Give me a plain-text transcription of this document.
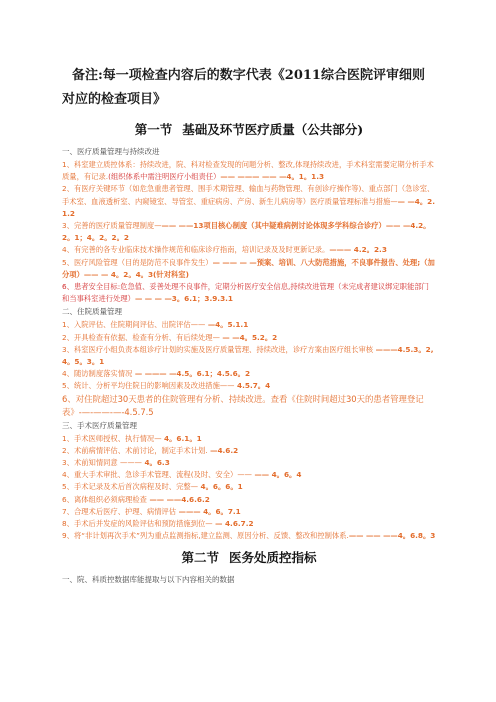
备注:每一项检查内容后的数字代表《2011综合医院评审细则对应的检查项目》
第一节 基础及环节医疗质量（公共部分)
一、医疗质量管理与持续改进

1、科室建立质控体系：持续改进，院、科对检查发现的问题分析、整改,体现持续改进，手术科室需要定期分析手术质量，有记录.(组织体系中需注明医疗小组责任）—— ——— —— —4。1。1.3

2、有医疗关键环节（如危急重患者管理、围手术期管理、输血与药物管理、有创诊疗操作等)、重点部门（急诊室、手术室、血液透析室、内窥镜室、导管室、重症病房、产房、新生儿病房等）医疗质量管理标准与措施—— —4。2.1.2

3、完善的医疗质量管理制度——— ——13项目核心制度（其中疑难病例讨论体现多学科综合诊疗）—— —4.2。2。1；4。2。2。2

4、有完善的各专业临床技术操作规范和临床诊疗指南，培训记录及及时更新记录。——— 4.2。2.3

5、医疗风险管理（目的是防范不良事件发生）— —— — —预案、培训、八大防范措施，不良事件报告、处理;（加分项）—— — 4。2。4。3(针对科室)

6、患者安全目标:危急值、妥善处理不良事件，定期分析医疗安全信息,持续改进管理（未完成者建议绑定职能部门和当事科室进行处理）— — — —3。6.1；3.9.3.1

二、住院质量管理

1、入院评估、住院期间评估、出院评估—— —4。5.1.1

2、开具检查有依据、检查有分析、有后续处理— — —4。5.2。2

3、科室医疗小组负责本组诊疗计划的实施及医疗质量管理、持续改进，诊疗方案由医疗组长审核 ———4.5.3。2,4。5。3。1

4、随访制度落实情况 — ——— —4.5。6.1；4.5.6。2

5、统计、分析平均住院日的影响因素及改进措施—— 4.5.7。4

6、对住院超过30天患者的住院管理有分析、持续改进。查看《住院时间超过30天的患者管理登记表》-—-——-—-4.5.7.5

三、手术医疗质量管理

1、手术医师授权、执行情况— 4。6.1。1

2、术前病情评估、术前讨论，制定手术计划. —4.6.2

3、术前知情同意 ——— 4。6.3

4、重大手术审批、急诊手术管理、流程(及时、安全）—— —— 4。6。4

5、手术记录及术后首次病程及时、完整— 4。6。6。1

6、离体组织必须病理检查 —— ——4.6.6.2

7、合理术后医疗、护理、病情评估 ——— 4。6。7.1

8、手术后并发症的风险评估和预防措施到位— — 4.6.7.2

9、将“非计划再次手术”列为重点监测指标,建立监测、原因分析、反馈、整改和控制体系.—— —— ——4。6.8。3

第二节 医务处质控指标
一、院、科质控数据库能提取与以下内容相关的数据
